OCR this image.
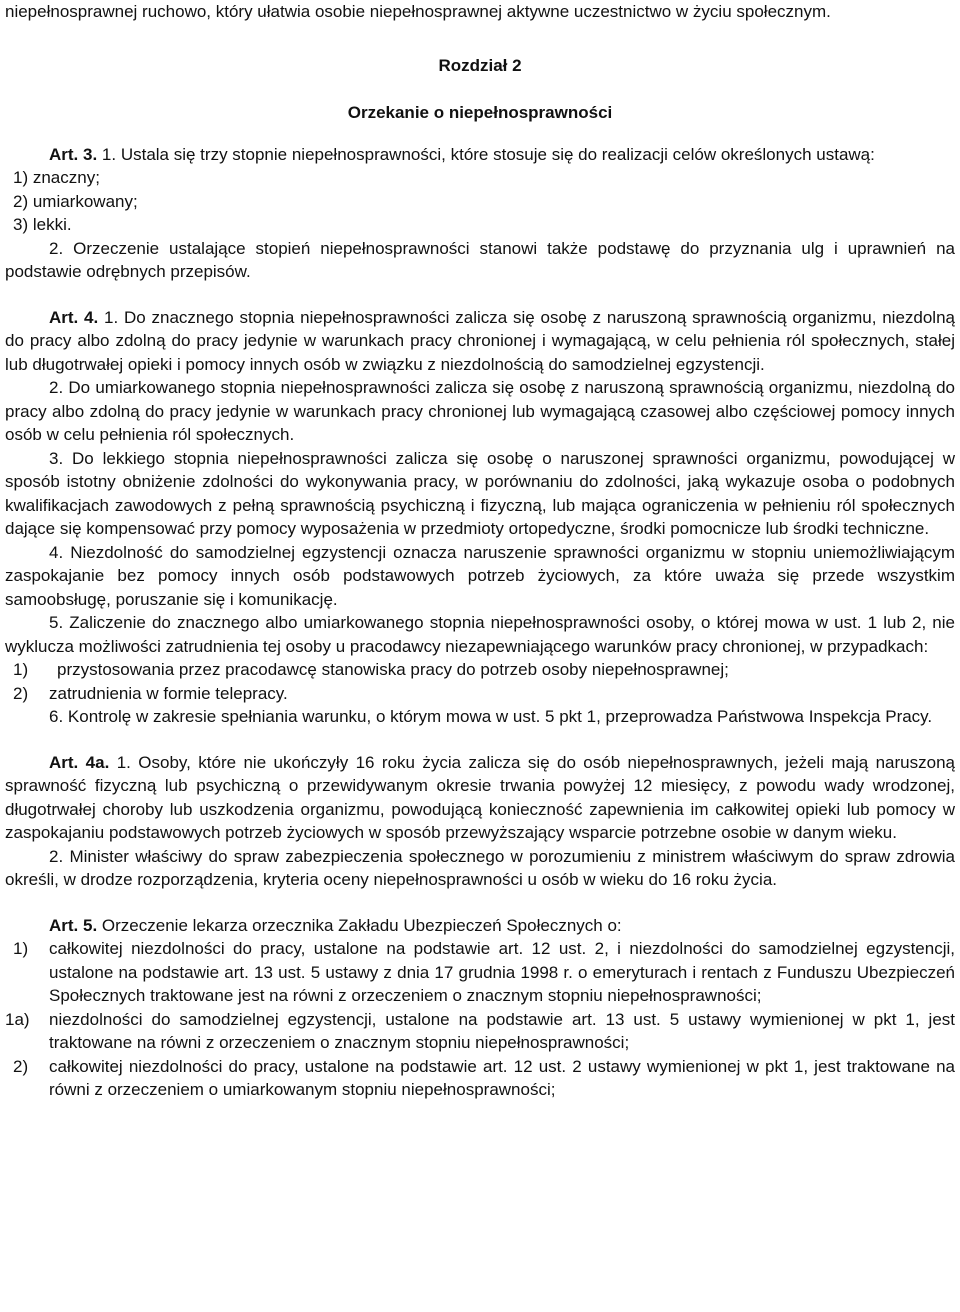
niepełnosprawnej ruchowo, który ułatwia osobie niepełnosprawnej aktywne uczestnictwo w życiu społecznym.

Rozdział 2

Orzekanie o niepełnosprawności

Art. 3. 1. Ustala się trzy stopnie niepełnosprawności, które stosuje się do realizacji celów określonych ustawą:

1) znaczny;
2) umiarkowany;
3) lekki.

2. Orzeczenie ustalające stopień niepełnosprawności stanowi także podstawę do przyznania ulg i uprawnień na podstawie odrębnych przepisów.

Art. 4. 1. Do znacznego stopnia niepełnosprawności zalicza się osobę z naruszoną sprawnością organizmu, niezdolną do pracy albo zdolną do pracy jedynie w warunkach pracy chronionej i wymagającą, w celu pełnienia ról społecznych, stałej lub długotrwałej opieki i pomocy innych osób w związku z niezdolnością do samodzielnej egzystencji.

2. Do umiarkowanego stopnia niepełnosprawności zalicza się osobę z naruszoną sprawnością organizmu, niezdolną do pracy albo zdolną do pracy jedynie w warunkach pracy chronionej lub wymagającą czasowej albo częściowej pomocy innych osób w celu pełnienia ról społecznych.

3. Do lekkiego stopnia niepełnosprawności zalicza się osobę o naruszonej sprawności organizmu, powodującej w sposób istotny obniżenie zdolności do wykonywania pracy, w porównaniu do zdolności, jaką wykazuje osoba o podobnych kwalifikacjach zawodowych z pełną sprawnością psychiczną i fizyczną, lub mająca ograniczenia w pełnieniu ról społecznych dające się kompensować przy pomocy wyposażenia w przedmioty ortopedyczne, środki pomocnicze lub środki techniczne.

4. Niezdolność do samodzielnej egzystencji oznacza naruszenie sprawności organizmu w stopniu uniemożliwiającym zaspokajanie bez pomocy innych osób podstawowych potrzeb życiowych, za które uważa się przede wszystkim samoobsługę, poruszanie się i komunikację.

5. Zaliczenie do znacznego albo umiarkowanego stopnia niepełnosprawności osoby, o której mowa w ust. 1 lub 2, nie wyklucza możliwości zatrudnienia tej osoby u pracodawcy niezapewniającego warunków pracy chronionej, w przypadkach:

1)	przystosowania przez pracodawcę stanowiska pracy do potrzeb osoby niepełnosprawnej;
2)	zatrudnienia w formie telepracy.

6. Kontrolę w zakresie spełniania warunku, o którym mowa w ust. 5 pkt 1, przeprowadza Państwowa Inspekcja Pracy.

Art. 4a. 1. Osoby, które nie ukończyły 16 roku życia zalicza się do osób niepełnosprawnych, jeżeli mają naruszoną sprawność fizyczną lub psychiczną o przewidywanym okresie trwania powyżej 12 miesięcy, z powodu wady wrodzonej, długotrwałej choroby lub uszkodzenia organizmu, powodującą konieczność zapewnienia im całkowitej opieki lub pomocy w zaspokajaniu podstawowych potrzeb życiowych w sposób przewyższający wsparcie potrzebne osobie w danym wieku.

2. Minister właściwy do spraw zabezpieczenia społecznego w porozumieniu z ministrem właściwym do spraw zdrowia określi, w drodze rozporządzenia, kryteria oceny niepełnosprawności u osób w wieku do 16 roku życia.

Art. 5. Orzeczenie lekarza orzecznika Zakładu Ubezpieczeń Społecznych o:

1)	całkowitej niezdolności do pracy, ustalone na podstawie art. 12 ust. 2, i niezdolności do samodzielnej egzystencji, ustalone na podstawie art. 13 ust. 5 ustawy z dnia 17 grudnia 1998 r. o emeryturach i rentach z Funduszu Ubezpieczeń Społecznych traktowane jest na równi z orzeczeniem o znacznym stopniu niepełnosprawności;
1a)	niezdolności do samodzielnej egzystencji, ustalone na podstawie art. 13 ust. 5 ustawy wymienionej w pkt 1, jest traktowane na równi z orzeczeniem o znacznym stopniu niepełnosprawności;
2)	całkowitej niezdolności do pracy, ustalone na podstawie art. 12 ust. 2 ustawy wymienionej w pkt 1, jest traktowane na równi z orzeczeniem o umiarkowanym stopniu niepełnosprawności;
